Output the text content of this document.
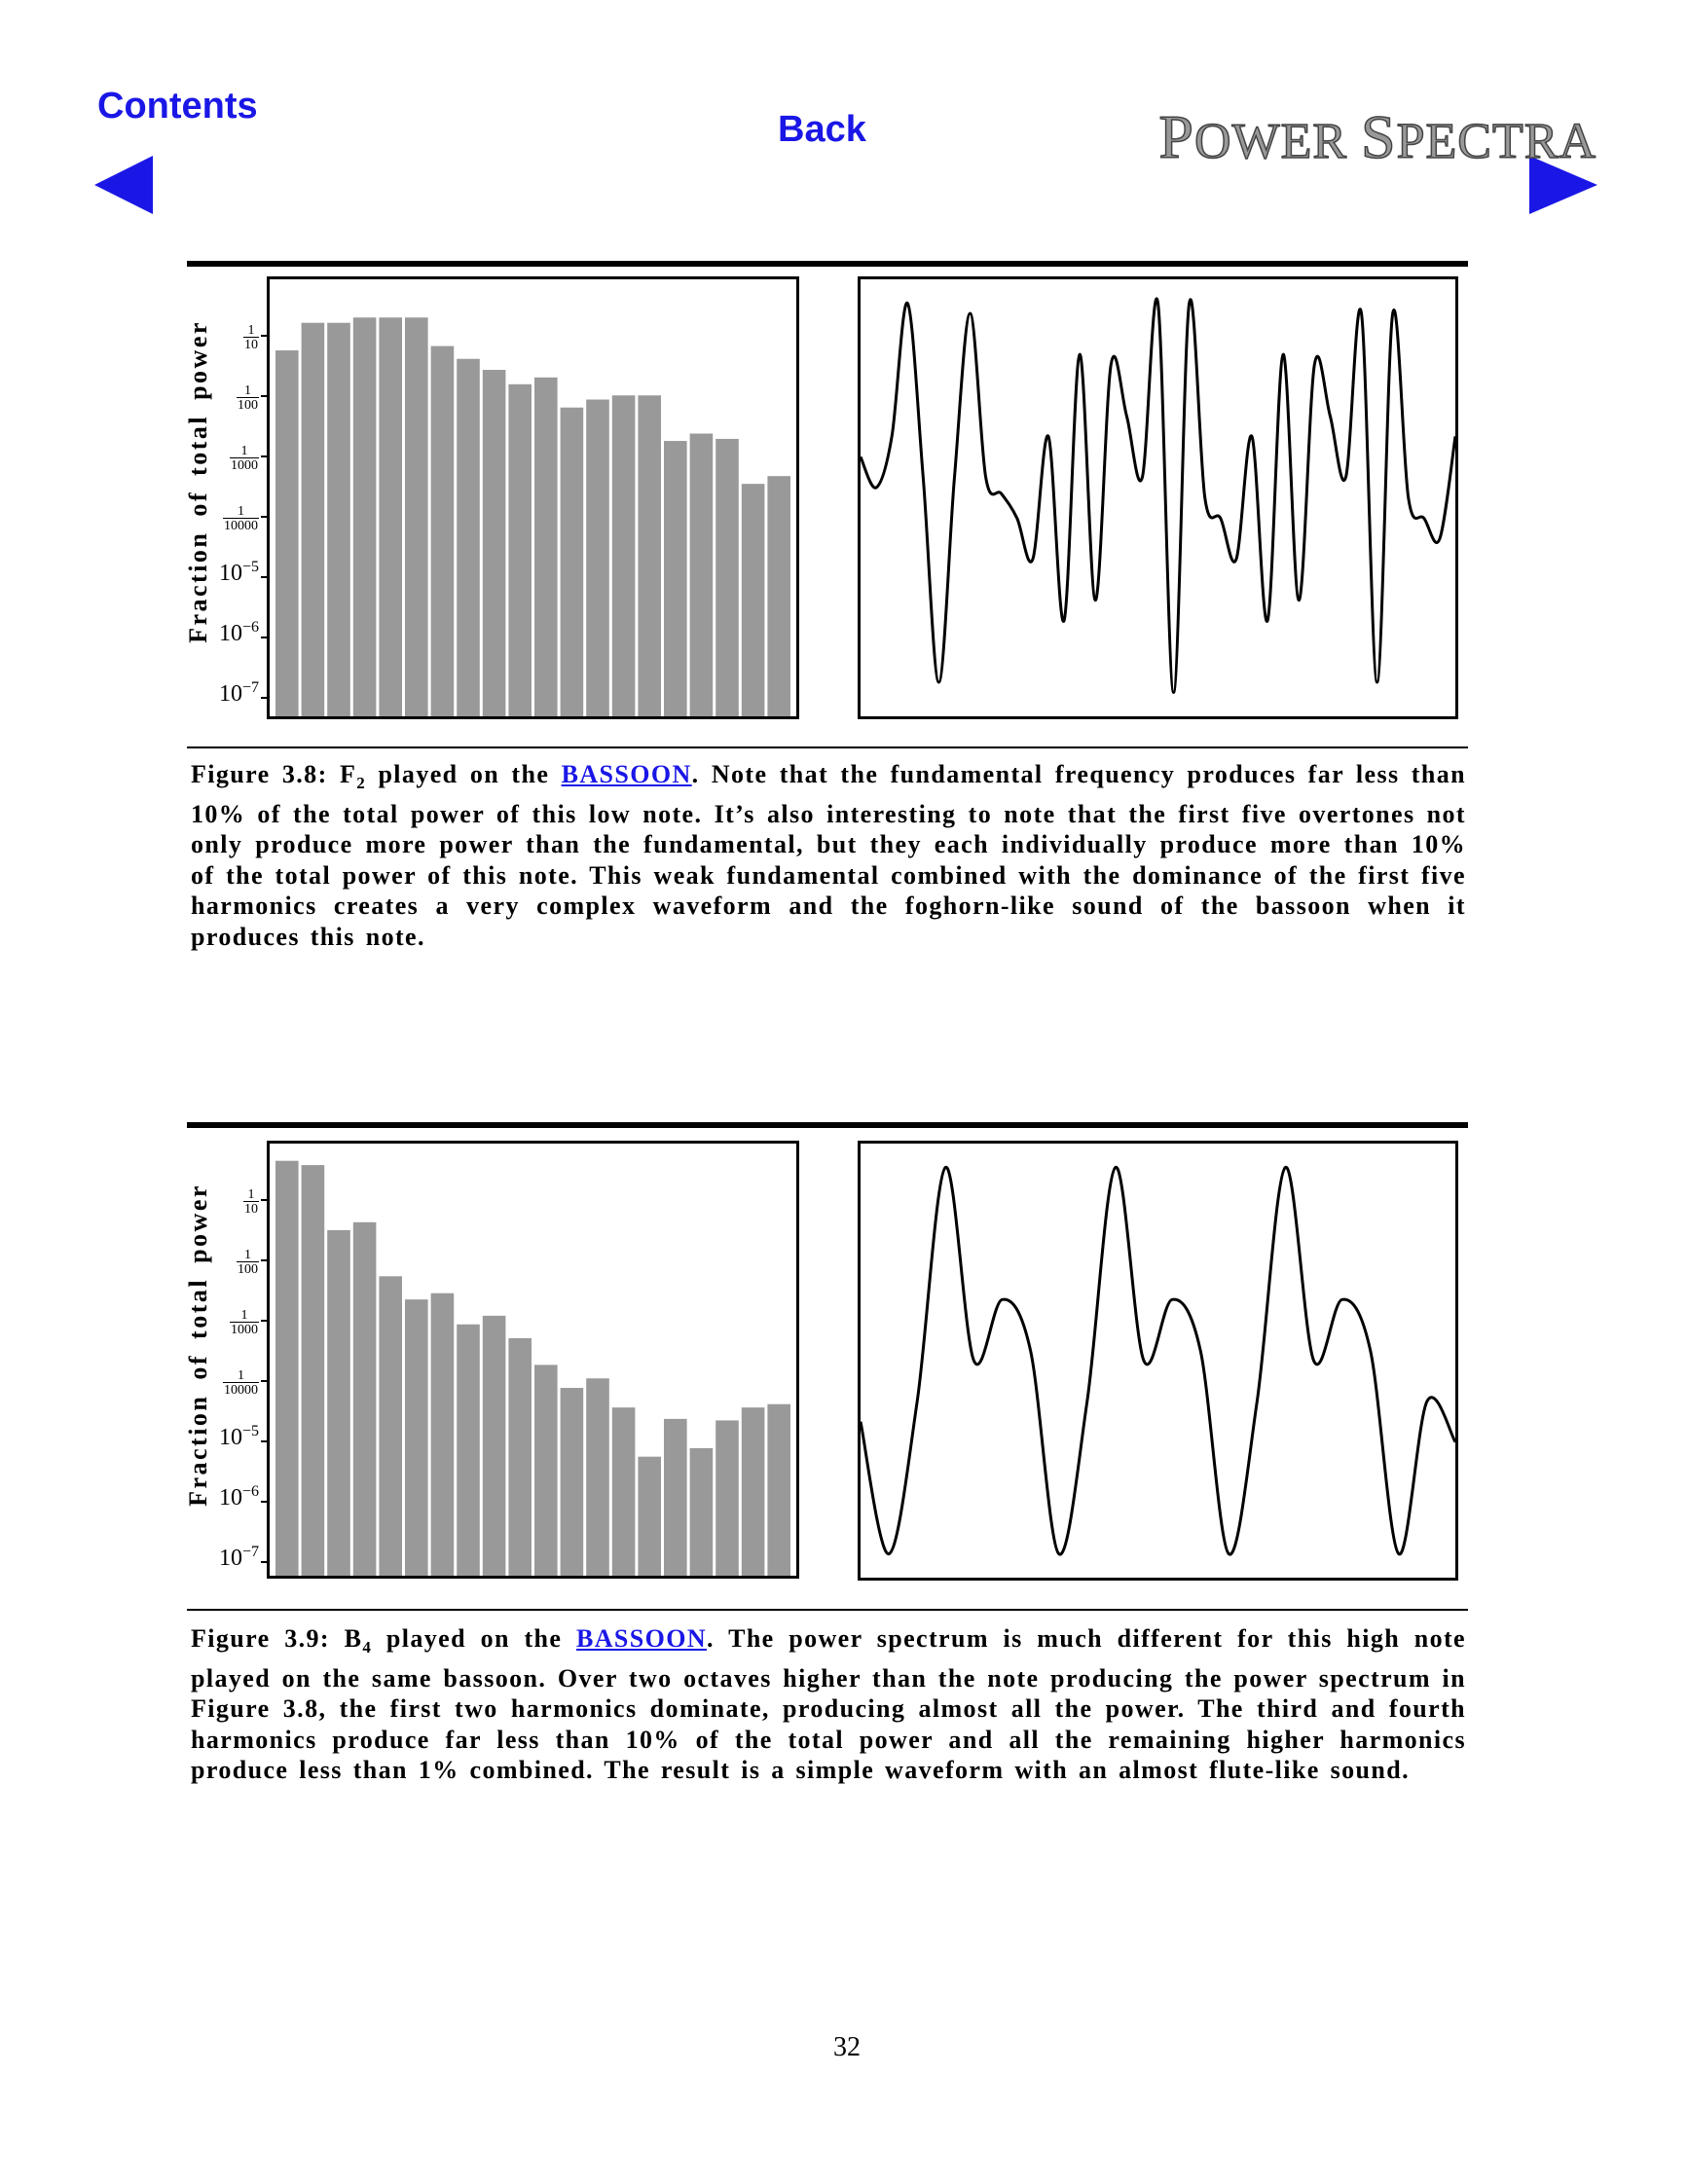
Contents
Back	POWER SPECTRA
Fraction of total power	$\frac{1}{10}$
$\frac{1}{100}$
$\frac{1}{1000}$
$\frac{1}{10000}$
$10^{-5}$
$10^{-6}$
$10^{-7}$
Figure 3.8: $F_2$ played on the BASSOON. Note that the fundamental frequency produces far less than 10% of the total power of this low note. It’s also interesting to note that the first five overtones not only produce more power than the fundamental, but they each individually produce more than 10% of the total power of this note. This weak fundamental combined with the dominance of the first five harmonics creates a very complex waveform and the foghorn-like sound of the bassoon when it produces this note.
Fraction of total power	$\frac{1}{10}$
$\frac{1}{100}$
$\frac{1}{1000}$
$\frac{1}{10000}$
$10^{-5}$
$10^{-6}$
$10^{-7}$
Figure 3.9: $B_4$ played on the BASSOON. The power spectrum is much different for this high note played on the same bassoon. Over two octaves higher than the note producing the power spectrum in Figure 3.8, the first two harmonics dominate, producing almost all the power. The third and fourth harmonics produce far less than 10% of the total power and all the remaining higher harmonics produce less than 1% combined. The result is a simple waveform with an almost flute-like sound.
32
